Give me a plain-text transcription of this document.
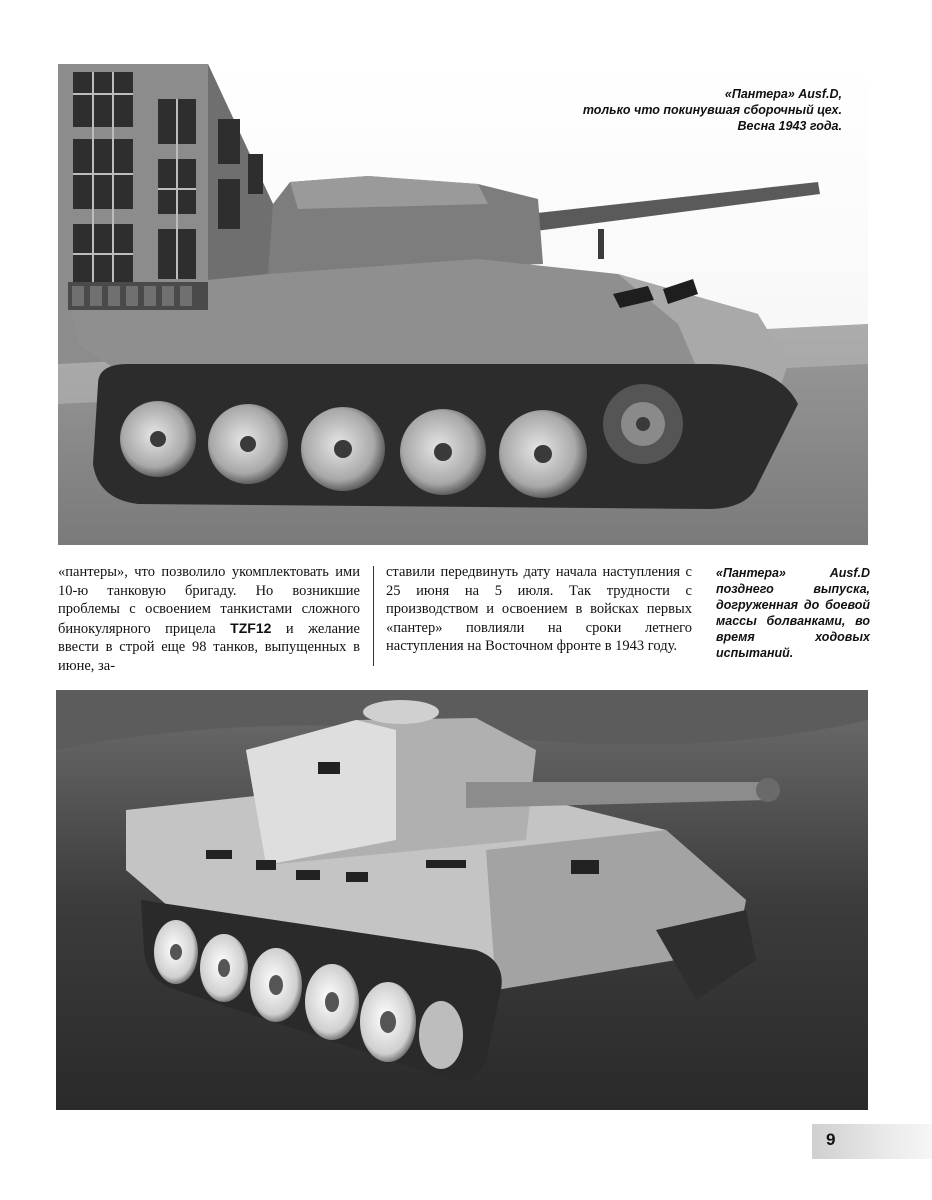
«Пантера» Ausf.D,
только что покинувшая сборочный цех.
Весна 1943 года.
«пантеры», что позволило укомплектовать ими 10-ю танковую бригаду. Но возникшие проблемы с освоением танкистами сложного бинокулярного прицела TZF12 и желание ввести в строй еще 98 танков, выпущенных в июне, за-
ставили передвинуть дату начала наступления с 25 июня на 5 июля. Так трудности с производством и освоением в войсках первых «пантер» повлияли на сроки летнего наступления на Восточном фронте в 1943 году.
«Пантера» Ausf.D позднего выпуска, догруженная до боевой массы болванками, во время ходовых испытаний.
9
